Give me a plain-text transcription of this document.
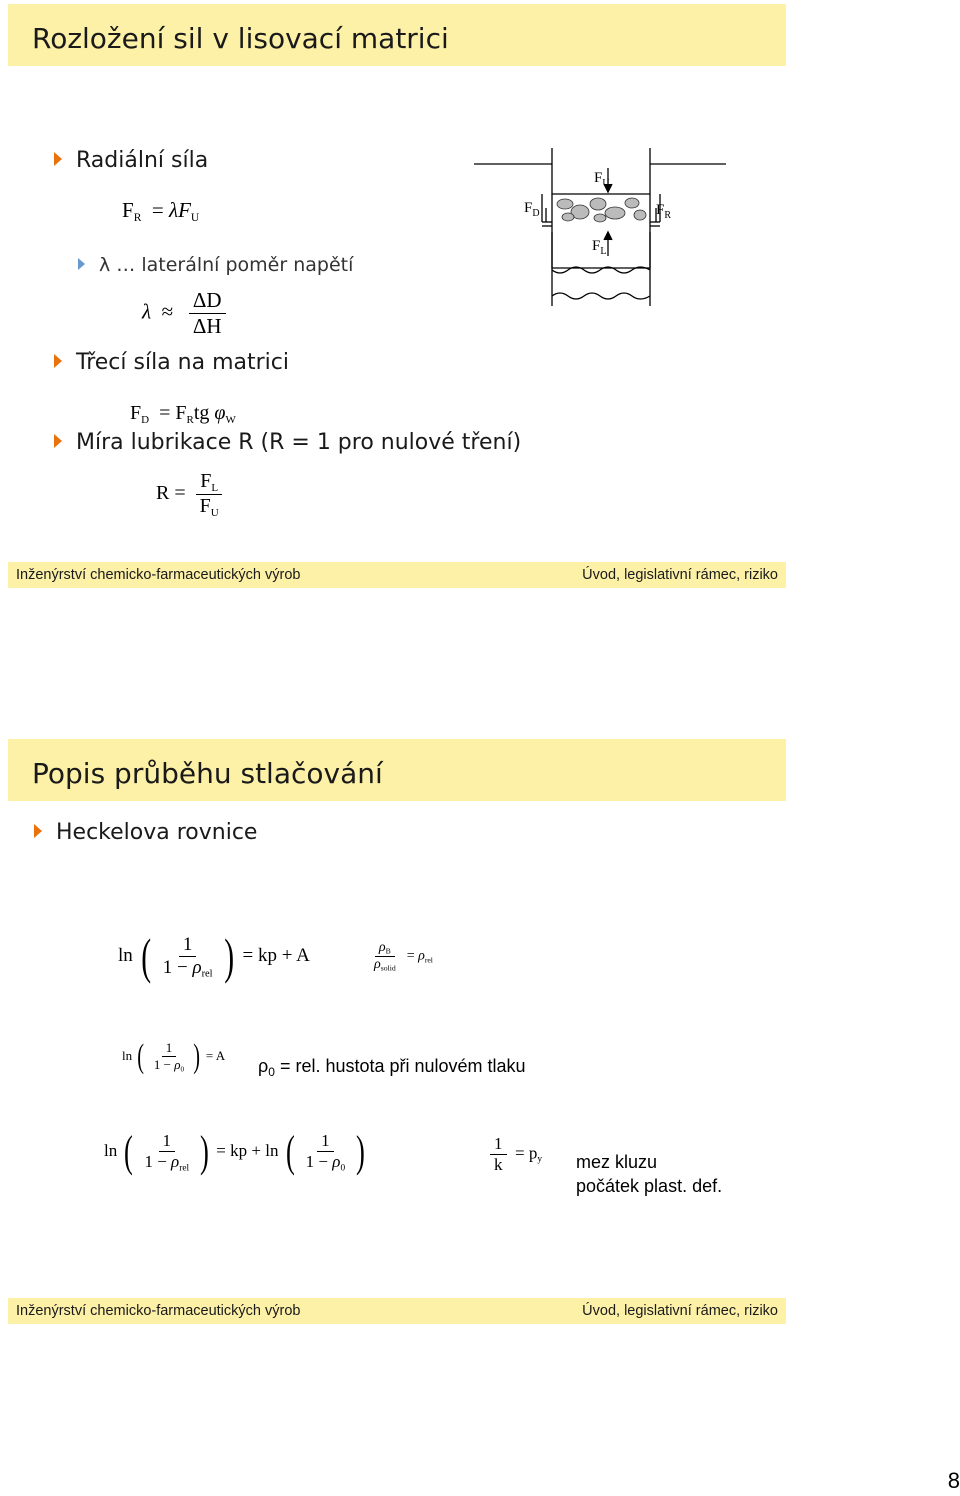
Rozložení sil v lisovací matrici
Radiální síla
FR = λFU
λ … laterální poměr napětí
$\lambda \approx \frac{\Delta D}{\Delta H}$
Třecí síla na matrici
FD = FRtg φW
Míra lubrikace R (R = 1 pro nulové tření)
$R = \frac{FL}{FU}$
$F_U$
$F_D$	$F_R$
$F_L$
Inženýrství chemicko-farmaceutických výrob	Úvod, legislativní rámec, riziko
Popis průběhu stlačování
Heckelova rovnice
ln ( $\frac{1}{\text{1 − ρrel}}$ ) = kp + A	$\frac{\rho B}{\text{ρsolid}} = \rho rel$
ln ( $\frac{1}{1 - \rho 0}$ ) = A
$\rho_0$ = rel. hustota při nulovém tlaku
ln ( $\frac{1}{\text{1 − ρrel}}$ ) = kp + ln ( $\frac{1}{1 - \rho 0}$ )	$\frac{1}{k}$ = py mez kluzu
počátek plast. def.
Inženýrství chemicko-farmaceutických výrob	Úvod, legislativní rámec, riziko
8
